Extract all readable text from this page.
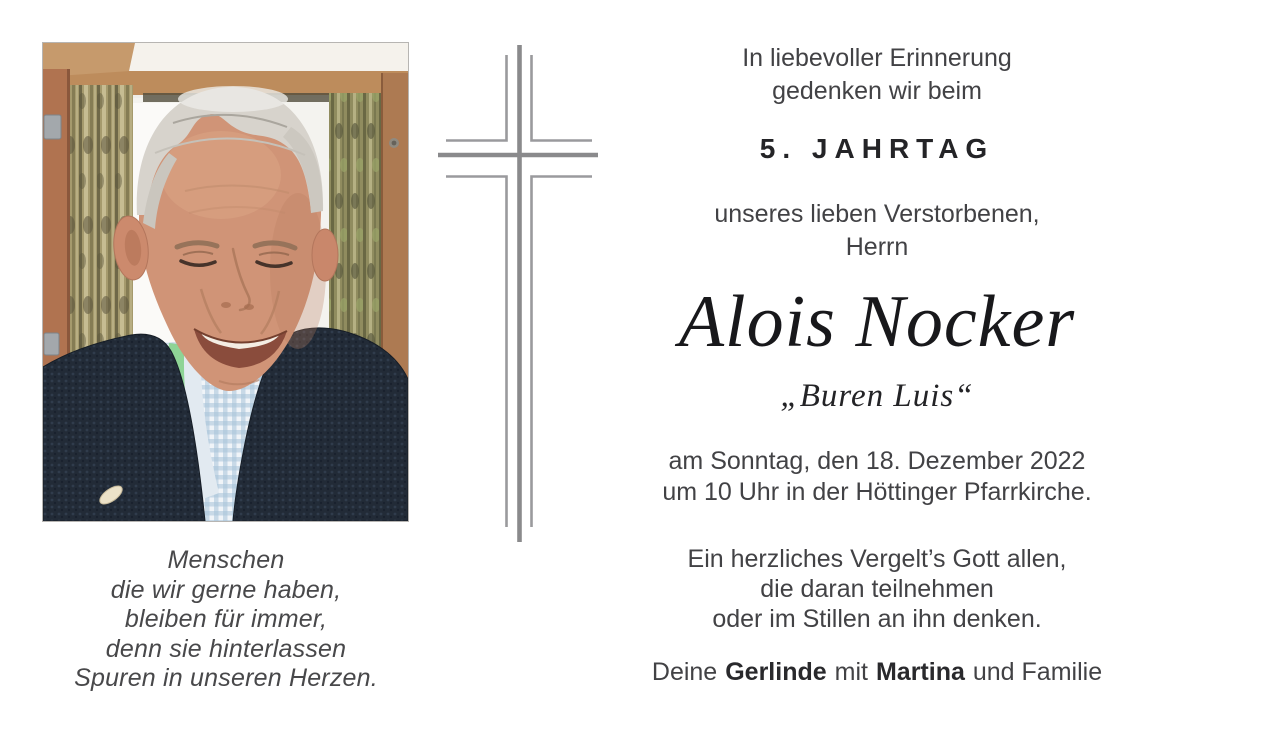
Menschen
die wir gerne haben,
bleiben für immer,
denn sie hinterlassen
Spuren in unseren Herzen.
In liebevoller Erinnerung
gedenken wir beim
5. JAHRTAG
unseres lieben Verstorbenen,
Herrn
Alois Nocker
„Buren Luis“
am Sonntag, den 18. Dezember 2022
um 10 Uhr in der Höttinger Pfarrkirche.
Ein herzliches Vergelt’s Gott allen,
die daran teilnehmen
oder im Stillen an ihn denken.
Deine Gerlinde mit Martina und Familie
